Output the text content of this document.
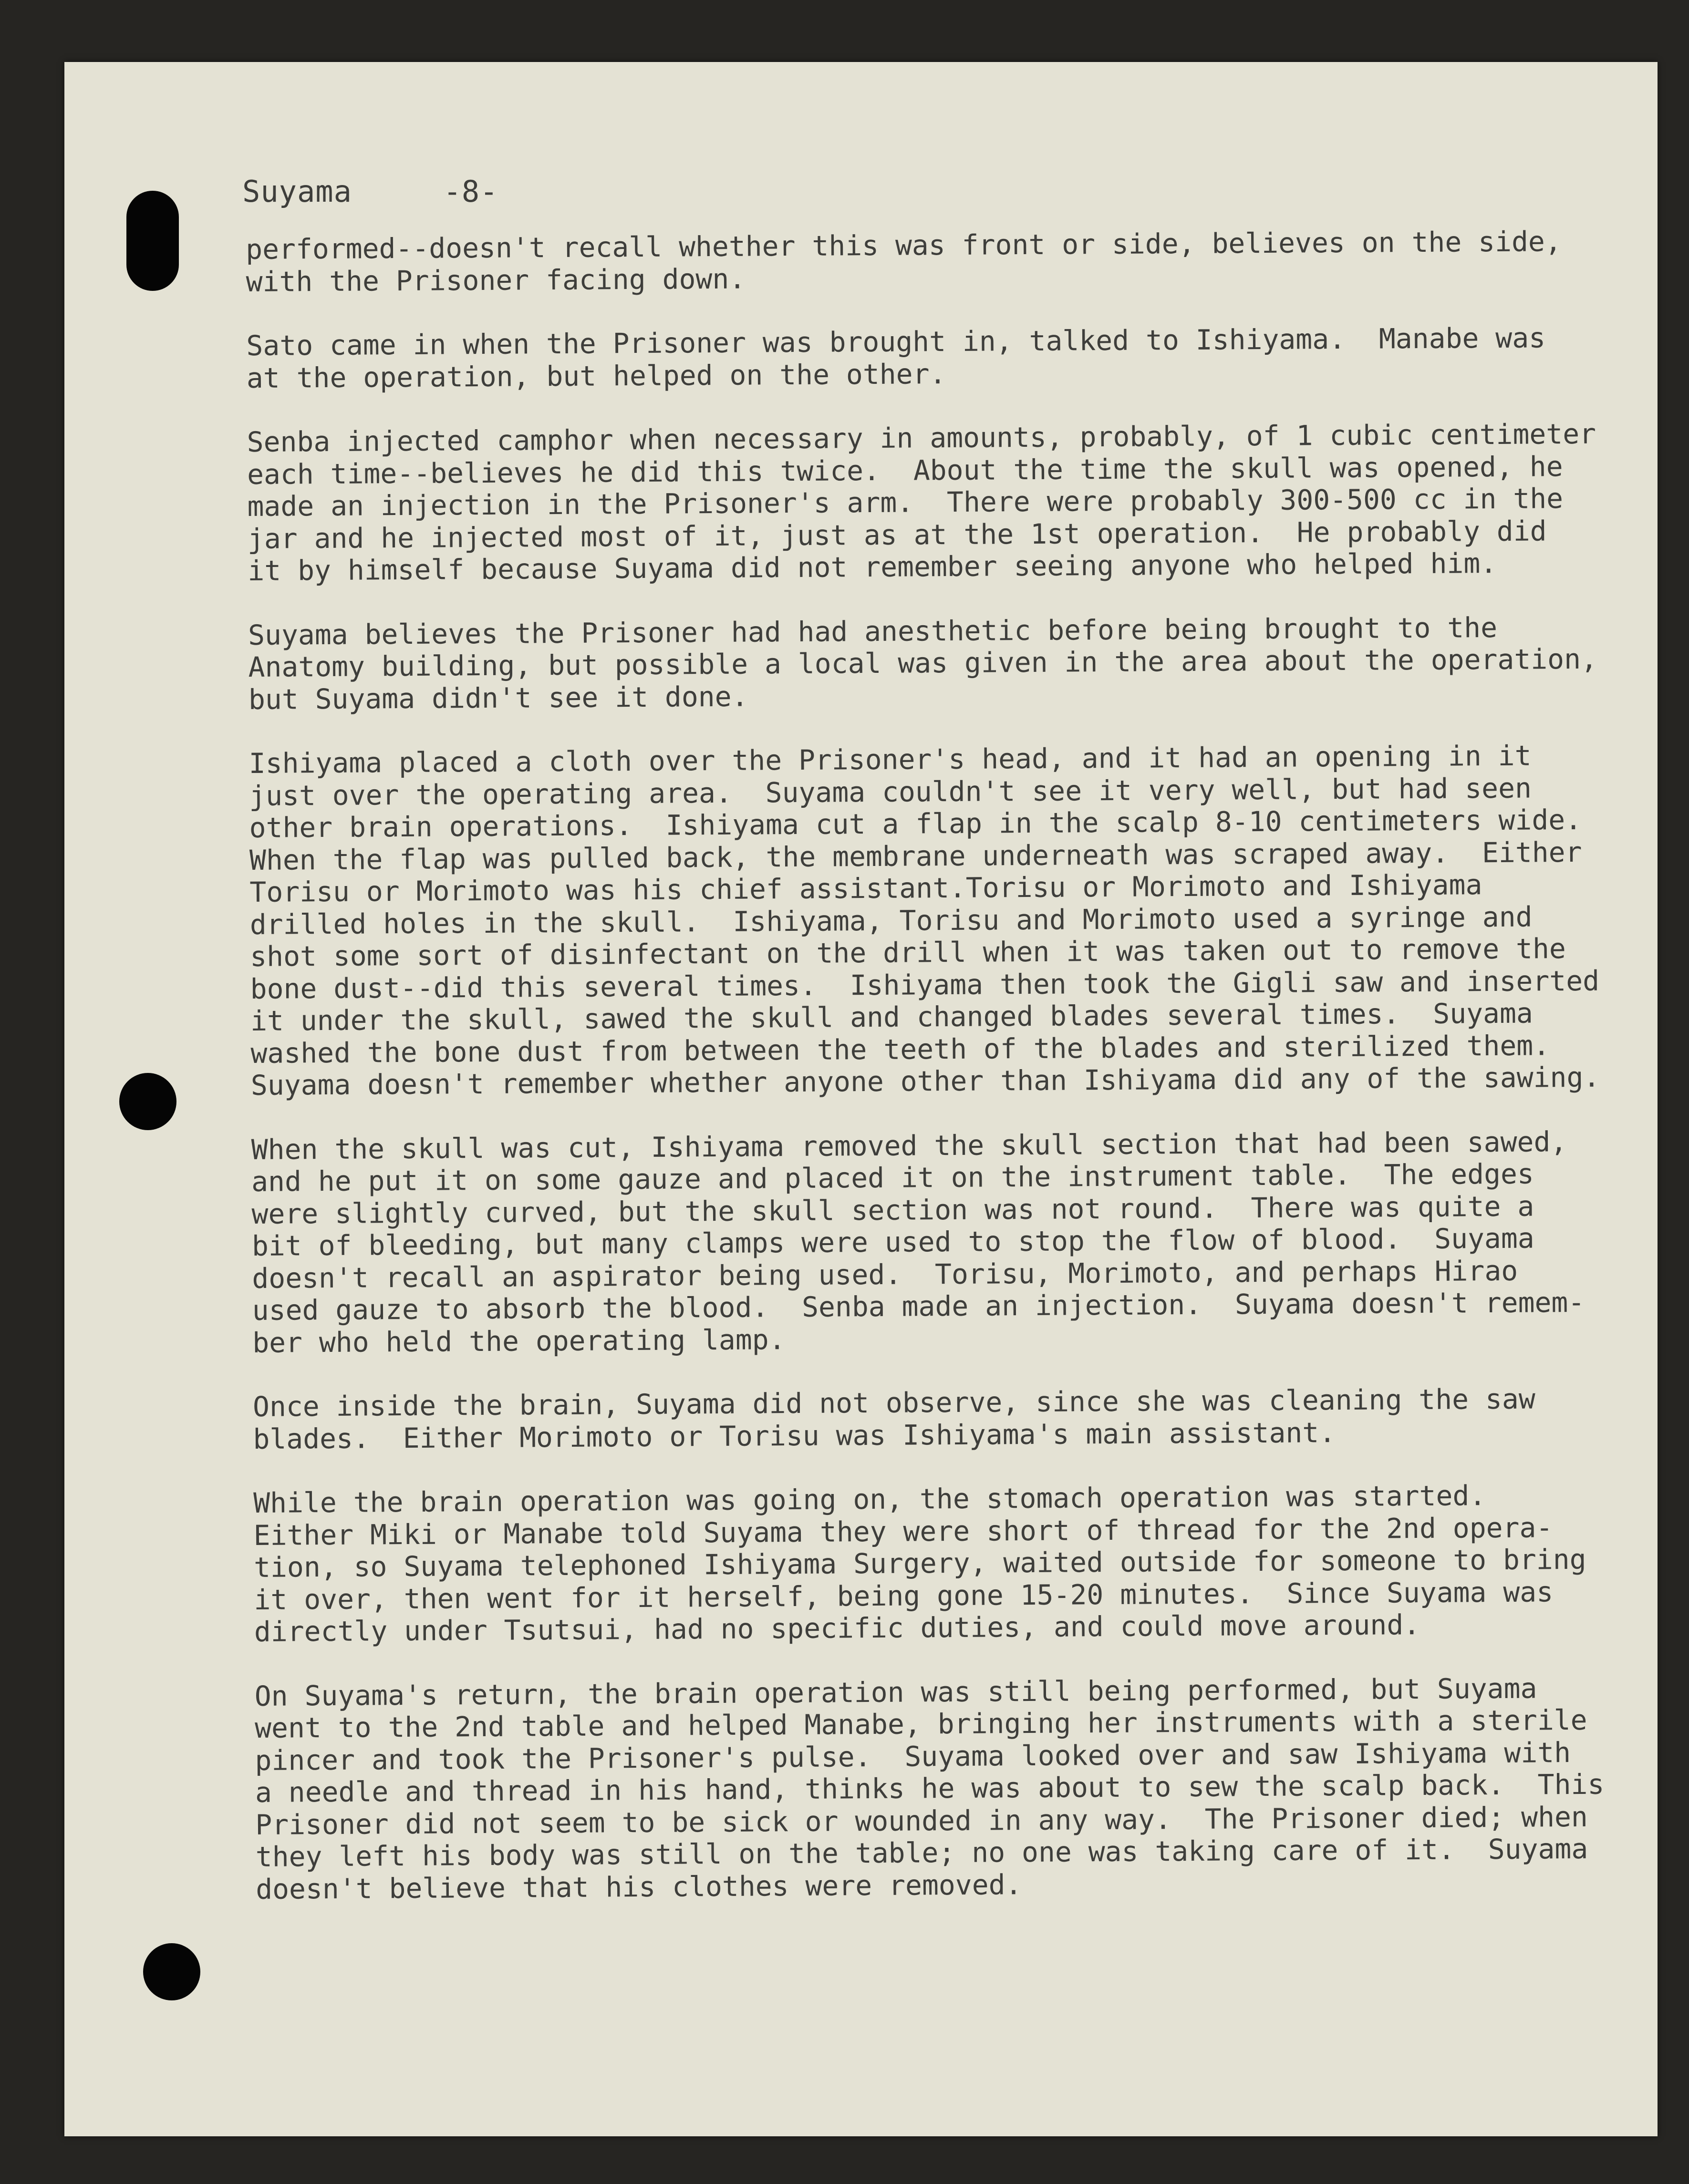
Suyama     -8-

performed--doesn't recall whether this was front or side, believes on the side,
with the Prisoner facing down.

Sato came in when the Prisoner was brought in, talked to Ishiyama.  Manabe was
at the operation, but helped on the other.

Senba injected camphor when necessary in amounts, probably, of 1 cubic centimeter
each time--believes he did this twice.  About the time the skull was opened, he
made an injection in the Prisoner's arm.  There were probably 300-500 cc in the
jar and he injected most of it, just as at the 1st operation.  He probably did
it by himself because Suyama did not remember seeing anyone who helped him.

Suyama believes the Prisoner had had anesthetic before being brought to the
Anatomy building, but possible a local was given in the area about the operation,
but Suyama didn't see it done.

Ishiyama placed a cloth over the Prisoner's head, and it had an opening in it
just over the operating area.  Suyama couldn't see it very well, but had seen
other brain operations.  Ishiyama cut a flap in the scalp 8-10 centimeters wide.
When the flap was pulled back, the membrane underneath was scraped away.  Either
Torisu or Morimoto was his chief assistant.Torisu or Morimoto and Ishiyama
drilled holes in the skull.  Ishiyama, Torisu and Morimoto used a syringe and
shot some sort of disinfectant on the drill when it was taken out to remove the
bone dust--did this several times.  Ishiyama then took the Gigli saw and inserted
it under the skull, sawed the skull and changed blades several times.  Suyama
washed the bone dust from between the teeth of the blades and sterilized them.
Suyama doesn't remember whether anyone other than Ishiyama did any of the sawing.

When the skull was cut, Ishiyama removed the skull section that had been sawed,
and he put it on some gauze and placed it on the instrument table.  The edges
were slightly curved, but the skull section was not round.  There was quite a
bit of bleeding, but many clamps were used to stop the flow of blood.  Suyama
doesn't recall an aspirator being used.  Torisu, Morimoto, and perhaps Hirao
used gauze to absorb the blood.  Senba made an injection.  Suyama doesn't remem-
ber who held the operating lamp.

Once inside the brain, Suyama did not observe, since she was cleaning the saw
blades.  Either Morimoto or Torisu was Ishiyama's main assistant.

While the brain operation was going on, the stomach operation was started.
Either Miki or Manabe told Suyama they were short of thread for the 2nd opera-
tion, so Suyama telephoned Ishiyama Surgery, waited outside for someone to bring
it over, then went for it herself, being gone 15-20 minutes.  Since Suyama was
directly under Tsutsui, had no specific duties, and could move around.

On Suyama's return, the brain operation was still being performed, but Suyama
went to the 2nd table and helped Manabe, bringing her instruments with a sterile
pincer and took the Prisoner's pulse.  Suyama looked over and saw Ishiyama with
a needle and thread in his hand, thinks he was about to sew the scalp back.  This
Prisoner did not seem to be sick or wounded in any way.  The Prisoner died; when
they left his body was still on the table; no one was taking care of it.  Suyama
doesn't believe that his clothes were removed.
